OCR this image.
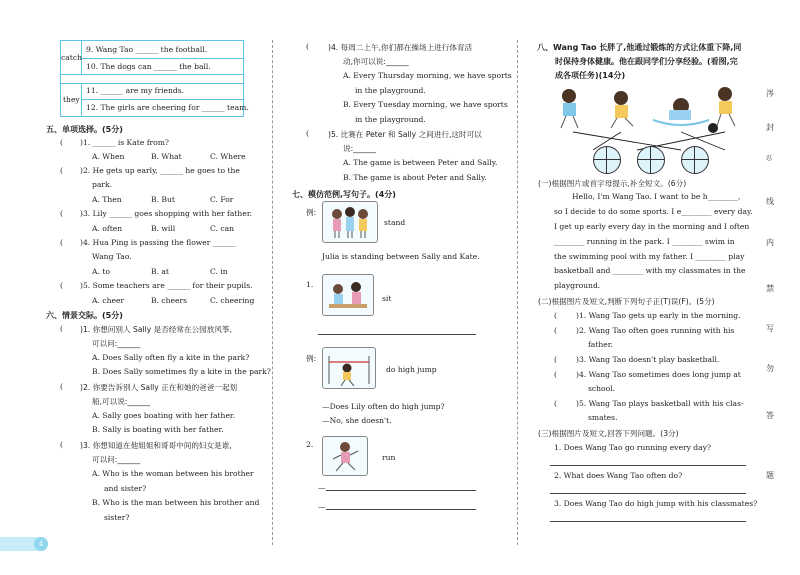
catch
9. Wang Tao ______ the football.
10. The dogs can ______ the ball.
they
11. ______ are my friends.
12. The girls are cheering for ______ team.
五、单项选择。(5分)
( )1. ______ is Kate from?
A. When	B. What	C. Where
( )2. He gets up early, ______ he goes to the
park.
A. Then	B. But	C. For
( )3. Lily ______ goes shopping with her father.
A. often	B. will	C. can
( )4. Hua Ping is passing the flower ______
Wang Tao.
A. to	B. at	C. in
( )5. Some teachers are ______ for their pupils.
A. cheer	B. cheers	C. cheering
六、情景交际。(5分)
( )1. 你想问别人 Sally 是否经常在公园放风筝,
可以问:______
A. Does Sally often fly a kite in the park?
B. Does Sally sometimes fly a kite in the park?
( )2. 你要告诉别人 Sally 正在和她的爸爸一起划
船,可以说:______
A. Sally goes boating with her father.
B. Sally is boating with her father.
( )3. 你想知道在他姐姐和哥哥中间的妇女是谁,
可以问:______
A. Who is the woman between his brother
and sister?
B. Who is the man between his brother and
sister?
4
(	)4. 每周二上午,你们都在操场上进行体育活
动,你可以说:______
A. Every Thursday morning, we have sports
in the playground.
B. Every Tuesday morning, we have sports
in the playground.
(	)5. 比赛在 Peter 和 Sally 之间进行,这时可以
说:______
A. The game is between Peter and Sally.
B. The game is about Peter and Sally.
七、模仿范例,写句子。(4分)
例:
stand
Julia is standing between Sally and Kate.
1.
sit
例:
do high jump
—Does Lily often do high jump?
—No, she doesn't.
2.
run
—
—
八、Wang Tao 长胖了,他通过锻炼的方式让体重下降,同
时保持身体健康。他在跟同学们分享经验。(看图,完
成各项任务)(14分)
(一)根据图片或首字母提示,补全短文。(6分)
Hello, I'm Wang Tao. I want to be h________,
so I decide to do some sports. I e________ every day.
I get up early every day in the morning and I often
________ running in the park. I ________ swim in
the swimming pool with my father. I ________ play
basketball and ________ with my classmates in the
playground.
(二)根据图片及短文,判断下列句子正(T)误(F)。(5分)
(	)1. Wang Tao gets up early in the morning.
(	)2. Wang Tao often goes running with his
father.
(	)3. Wang Tao doesn't play basketball.
(	)4. Wang Tao sometimes does long jump at
school.
(	)5. Wang Tao plays basketball with his clas-
smates.
(三)根据图片及短文,回答下列问题。(3分)
1. Does Wang Tao go running every day?
2. What does Wang Tao often do?
3. Does Wang Tao do high jump with his classmates?
涔
封
忍
线
内
禁
写
勿
答
题
